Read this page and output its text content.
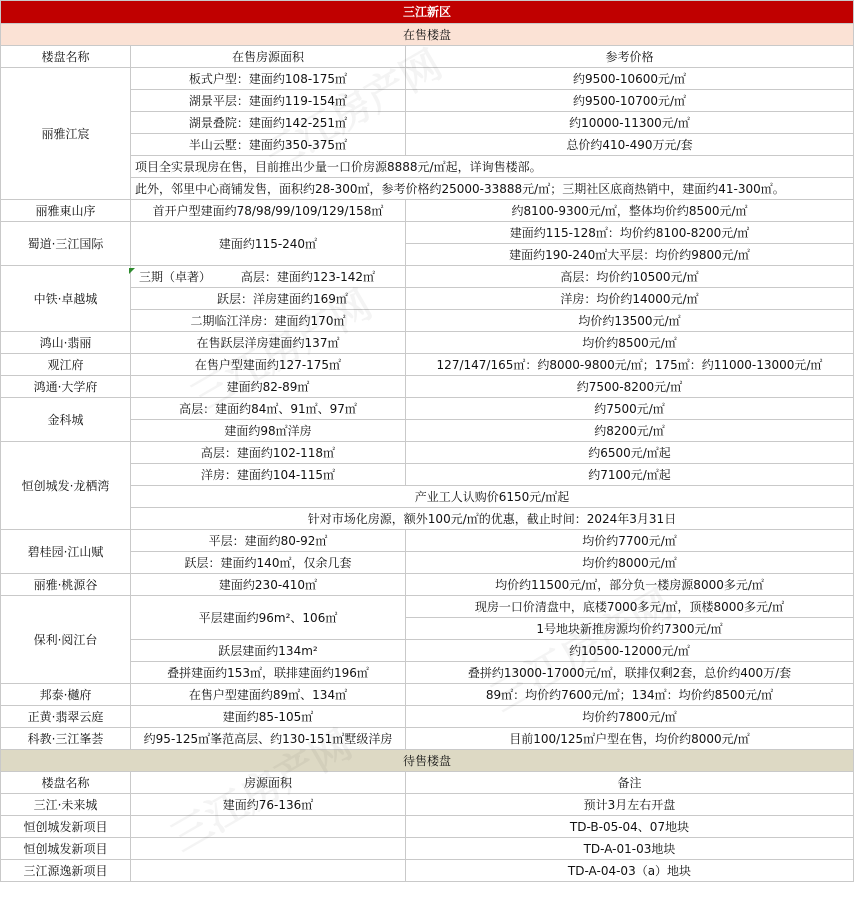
三江新区		
在售楼盘		
楼盘名称	在售房源面积	参考价格
丽雅江宸	板式户型：建面约108-175㎡	约9500-10600元/㎡
	湖景平层：建面约119-154㎡	约9500-10700元/㎡
	湖景叠院：建面约142-251㎡	约10000-11300元/㎡
	半山云墅：建面约350-375㎡	总价约410-490万元/套
	项目全实景现房在售，目前推出少量一口价房源8888元/㎡起，详询售楼部。	
	此外，邻里中心商铺发售，面积约28-300㎡，参考价格约25000-33888元/㎡；三期社区底商热销中，建面约41-300㎡。	
丽雅東山序	首开户型建面约78/98/99/109/129/158㎡	约8100-9300元/㎡，整体均价约8500元/㎡
蜀道·三江国际	建面约115-240㎡	建面约115-128㎡：均价约8100-8200元/㎡
		建面约190-240㎡大平层：均价约9800元/㎡
中铁·卓越城	三期（卓著） 高层：建面约123-142㎡	高层：均价约10500元/㎡
	跃层：洋房建面约169㎡	洋房：均价约14000元/㎡
	二期临江洋房：建面约170㎡	均价约13500元/㎡
鸿山·翡丽	在售跃层洋房建面约137㎡	均价约8500元/㎡
观江府	在售户型建面约127-175㎡	127/147/165㎡：约8000-9800元/㎡；175㎡：约11000-13000元/㎡
鸿通·大学府	建面约82-89㎡	约7500-8200元/㎡
金科城	高层：建面约84㎡、91㎡、97㎡	约7500元/㎡
	建面约98㎡洋房	约8200元/㎡
恒创城发·龙栖湾	高层：建面约102-118㎡	约6500元/㎡起
	洋房：建面约104-115㎡	约7100元/㎡起
	产业工人认购价6150元/㎡起	
	针对市场化房源，额外100元/㎡的优惠，截止时间：2024年3月31日	
碧桂园·江山赋	平层：建面约80-92㎡	均价约7700元/㎡
	跃层：建面约140㎡，仅余几套	均价约8000元/㎡
丽雅·桃源谷	建面约230-410㎡	均价约11500元/㎡，部分负一楼房源8000多元/㎡
保利·阅江台	平层建面约96m²、106㎡	现房一口价清盘中，底楼7000多元/㎡，顶楼8000多元/㎡
		1号地块新推房源均价约7300元/㎡
	跃层建面约134m²	约10500-12000元/㎡
	叠拼建面约153㎡，联排建面约196㎡	叠拼约13000-17000元/㎡，联排仅剩2套，总价约400万/套
邦泰·樾府	在售户型建面约89㎡、134㎡	89㎡：均价约7600元/㎡；134㎡：均价约8500元/㎡
正黄·翡翠云庭	建面约85-105㎡	均价约7800元/㎡
科教·三江峯荟	约95-125㎡峯范高层、约130-151㎡墅级洋房	目前100/125㎡户型在售，均价约8000元/㎡
待售楼盘		
楼盘名称	房源面积	备注
三江·未来城	建面约76-136㎡	预计3月左右开盘
恒创城发新项目		TD-B-05-04、07地块
恒创城发新项目		TD-A-01-03地块
三江源逸新项目		TD-A-04-03（a）地块
